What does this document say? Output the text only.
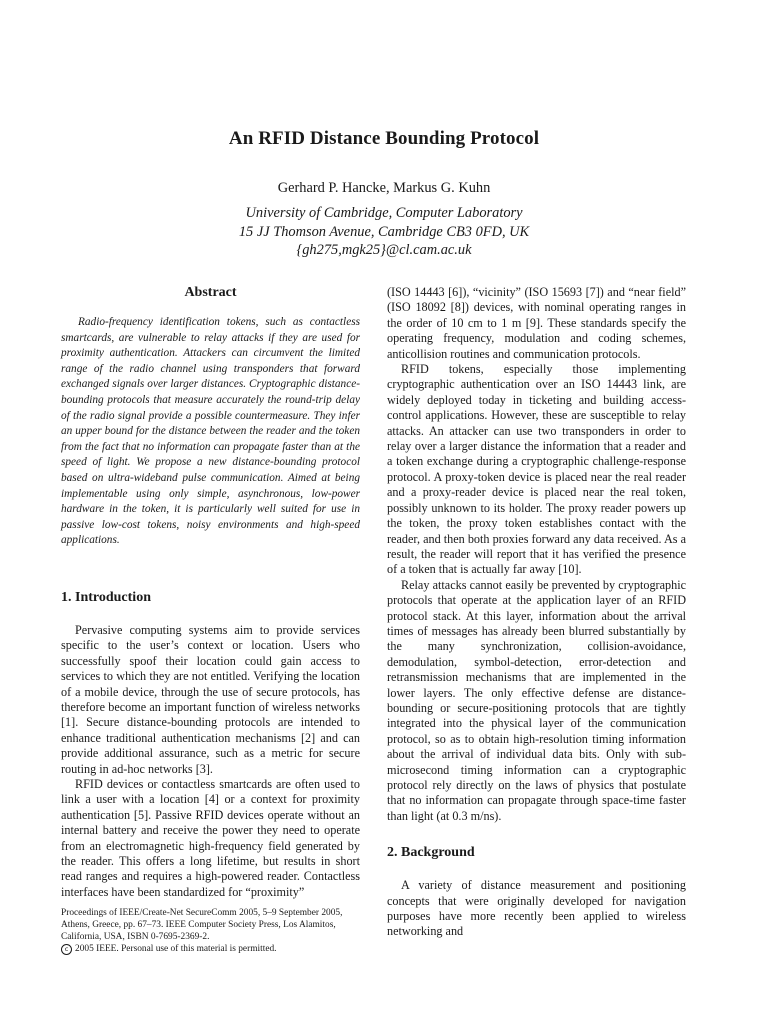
An RFID Distance Bounding Protocol
Gerhard P. Hancke, Markus G. Kuhn
University of Cambridge, Computer Laboratory
15 JJ Thomson Avenue, Cambridge CB3 0FD, UK
{gh275,mgk25}@cl.cam.ac.uk
Abstract

Radio-frequency identification tokens, such as contactless smartcards, are vulnerable to relay attacks if they are used for proximity authentication. Attackers can circumvent the limited range of the radio channel using transponders that forward exchanged signals over larger distances. Cryptographic distance-bounding protocols that measure accurately the round-trip delay of the radio signal provide a possible countermeasure. They infer an upper bound for the distance between the reader and the token from the fact that no information can propagate faster than at the speed of light. We propose a new distance-bounding protocol based on ultra-wideband pulse communication. Aimed at being implementable using only simple, asynchronous, low-power hardware in the token, it is particularly well suited for use in passive low-cost tokens, noisy environments and high-speed applications.

1. Introduction

Pervasive computing systems aim to provide services specific to the user’s context or location. Users who successfully spoof their location could gain access to services to which they are not entitled. Verifying the location of a mobile device, through the use of secure protocols, has therefore become an important function of wireless networks [1]. Secure distance-bounding protocols are intended to enhance traditional authentication mechanisms [2] and can provide additional assurance, such as a metric for secure routing in ad-hoc networks [3].

RFID devices or contactless smartcards are often used to link a user with a location [4] or a context for proximity authentication [5]. Passive RFID devices operate without an internal battery and receive the power they need to operate from an electromagnetic high-frequency field generated by the reader. This offers a long lifetime, but results in short read ranges and requires a high-powered reader. Contactless interfaces have been standardized for “proximity”

(ISO 14443 [6]), “vicinity” (ISO 15693 [7]) and “near field” (ISO 18092 [8]) devices, with nominal operating ranges in the order of 10 cm to 1 m [9]. These standards specify the operating frequency, modulation and coding schemes, anticollision routines and communication protocols.

RFID tokens, especially those implementing cryptographic authentication over an ISO 14443 link, are widely deployed today in ticketing and building access-control applications. However, these are susceptible to relay attacks. An attacker can use two transponders in order to relay over a larger distance the information that a reader and a token exchange during a cryptographic challenge-response protocol. A proxy-token device is placed near the real reader and a proxy-reader device is placed near the real token, possibly unknown to its holder. The proxy reader powers up the token, the proxy token establishes contact with the reader, and then both proxies forward any data received. As a result, the reader will report that it has verified the presence of a token that is actually far away [10].

Relay attacks cannot easily be prevented by cryptographic protocols that operate at the application layer of an RFID protocol stack. At this layer, information about the arrival times of messages has already been blurred substantially by the many synchronization, collision-avoidance, demodulation, symbol-detection, error-detection and retransmission mechanisms that are implemented in the lower layers. The only effective defense are distance-bounding or secure-positioning protocols that are tightly integrated into the physical layer of the communication protocol, so as to obtain high-resolution timing information about the arrival of individual data bits. Only with sub-microsecond timing information can a cryptographic protocol rely directly on the laws of physics that postulate that no information can propagate through space-time faster than light (at 0.3 m/ns).

2. Background

A variety of distance measurement and positioning concepts that were originally developed for navigation purposes have more recently been applied to wireless networking and

Proceedings of IEEE/Create-Net SecureComm 2005, 5–9 September 2005, Athens, Greece, pp. 67–73. IEEE Computer Society Press, Los Alamitos, California, USA, ISBN 0-7695-2369-2.

c 2005 IEEE. Personal use of this material is permitted.
